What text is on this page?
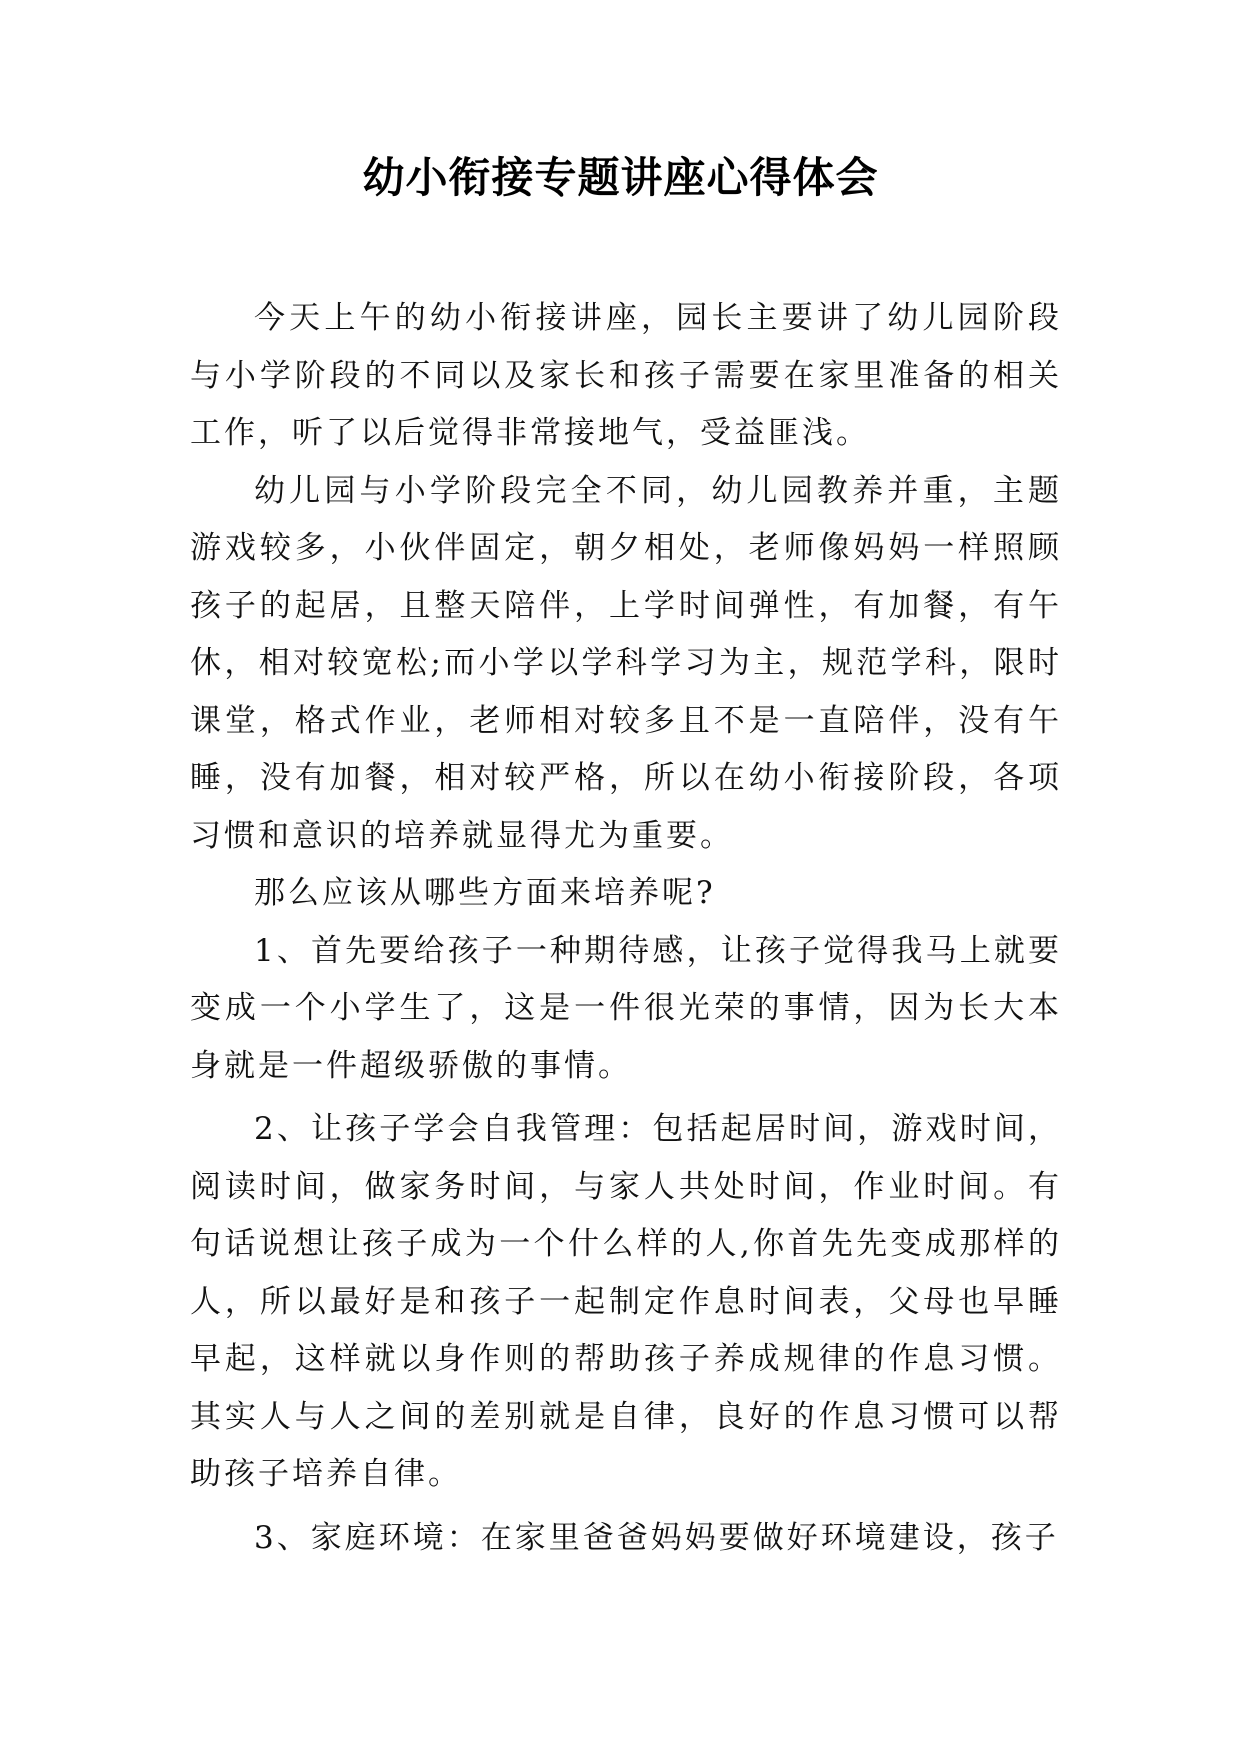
幼小衔接专题讲座心得体会

今天上午的幼小衔接讲座，园长主要讲了幼儿园阶段与小学阶段的不同以及家长和孩子需要在家里准备的相关工作，听了以后觉得非常接地气，受益匪浅。

幼儿园与小学阶段完全不同，幼儿园教养并重，主题游戏较多，小伙伴固定，朝夕相处，老师像妈妈一样照顾孩子的起居，且整天陪伴，上学时间弹性，有加餐，有午休，相对较宽松;而小学以学科学习为主，规范学科，限时课堂，格式作业，老师相对较多且不是一直陪伴，没有午睡，没有加餐，相对较严格，所以在幼小衔接阶段，各项习惯和意识的培养就显得尤为重要。

那么应该从哪些方面来培养呢?

1、首先要给孩子一种期待感，让孩子觉得我马上就要变成一个小学生了，这是一件很光荣的事情，因为长大本身就是一件超级骄傲的事情。

2、让孩子学会自我管理：包括起居时间，游戏时间，阅读时间，做家务时间，与家人共处时间，作业时间。有句话说想让孩子成为一个什么样的人,你首先先变成那样的人，所以最好是和孩子一起制定作息时间表，父母也早睡早起，这样就以身作则的帮助孩子养成规律的作息习惯。其实人与人之间的差别就是自律，良好的作息习惯可以帮助孩子培养自律。

3、家庭环境：在家里爸爸妈妈要做好环境建设，孩子
